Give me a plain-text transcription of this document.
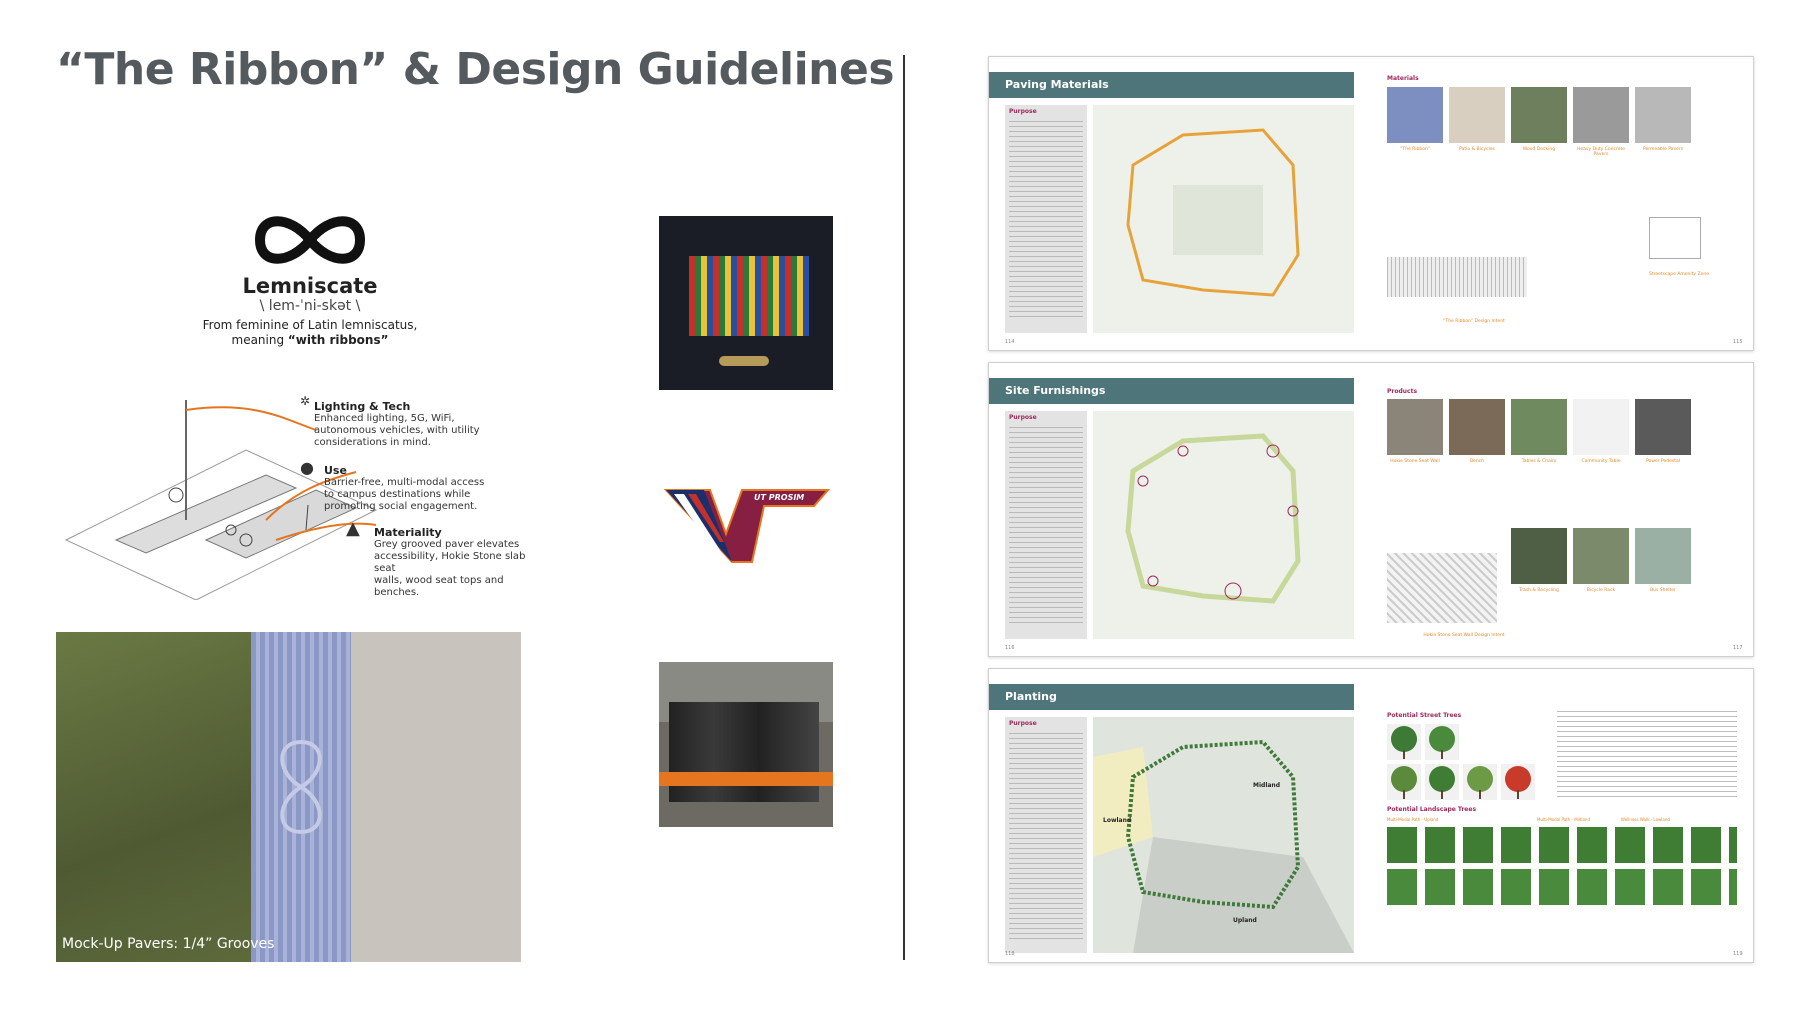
“The Ribbon” & Design Guidelines
Lemniscate
\ lem-ˈni-skət \
From feminine of Latin lemniscatus,
meaning “with ribbons”
Lighting & Tech
Enhanced lighting, 5G, WiFi,
autonomous vehicles, with utility
considerations in mind.
✲
● Use
Barrier-free, multi-modal access
to campus destinations while
promoting social engagement.
▲ Materiality
Grey grooved paver elevates
accessibility, Hokie Stone slab seat
walls, wood seat tops and benches.
Mock-Up Pavers: 1/4” Grooves
UT PROSIM
Paving Materials
Purpose
Materials
“The Ribbon”	Patio & Bicycles	Wood Decking	Heavy Duty Concrete Pavers
Permeable Pavers
Streetscape Amenity Zone
“The Ribbon” Design Intent
114	115
Site Furnishings
Purpose
Products
Hokie Stone Seat Wall	Bench	Tables & Chairs	Community Table	Power Pedestal
Trash & Recycling	Bicycle Rack	Bus Shelter
Hokie Stone Seat Wall Design Intent
116	117
Planting
Purpose
Midland
Lowland
Upland
Potential Street Trees
Potential Landscape Trees
Multi-Modal Path - Upland	Multi-Modal Path - Midland	Wellness Walk - Lowland
118	119
